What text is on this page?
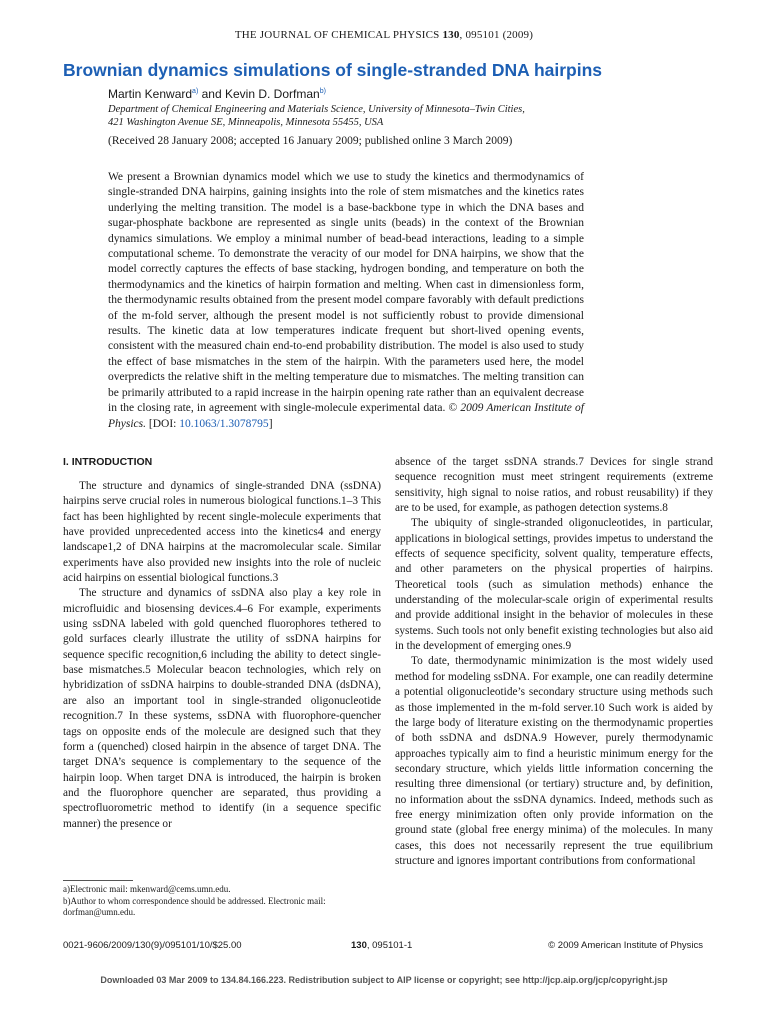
THE JOURNAL OF CHEMICAL PHYSICS 130, 095101 (2009)
Brownian dynamics simulations of single-stranded DNA hairpins
Martin Kenward$^{a)}$ and Kevin D. Dorfman$^{b)}$
Department of Chemical Engineering and Materials Science, University of Minnesota–Twin Cities,
421 Washington Avenue SE, Minneapolis, Minnesota 55455, USA
(Received 28 January 2008; accepted 16 January 2009; published online 3 March 2009)
We present a Brownian dynamics model which we use to study the kinetics and thermodynamics of single-stranded DNA hairpins, gaining insights into the role of stem mismatches and the kinetics rates underlying the melting transition. The model is a base-backbone type in which the DNA bases and sugar-phosphate backbone are represented as single units (beads) in the context of the Brownian dynamics simulations. We employ a minimal number of bead-bead interactions, leading to a simple computational scheme. To demonstrate the veracity of our model for DNA hairpins, we show that the model correctly captures the effects of base stacking, hydrogen bonding, and temperature on both the thermodynamics and the kinetics of hairpin formation and melting. When cast in dimensionless form, the thermodynamic results obtained from the present model compare favorably with default predictions of the m-fold server, although the present model is not sufficiently robust to provide dimensional results. The kinetic data at low temperatures indicate frequent but short-lived opening events, consistent with the measured chain end-to-end probability distribution. The model is also used to study the effect of base mismatches in the stem of the hairpin. With the parameters used here, the model overpredicts the relative shift in the melting temperature due to mismatches. The melting transition can be primarily attributed to a rapid increase in the hairpin opening rate rather than an equivalent decrease in the closing rate, in agreement with single-molecule experimental data. © 2009 American Institute of Physics. [DOI: 10.1063/1.3078795]
I. INTRODUCTION

The structure and dynamics of single-stranded DNA (ssDNA) hairpins serve crucial roles in numerous biological functions.1–3 This fact has been highlighted by recent single-molecule experiments that have provided unprecedented access into the kinetics4 and energy landscape1,2 of DNA hairpins at the macromolecular scale. Similar experiments have also provided new insights into the role of nucleic acid hairpins on essential biological functions.3

The structure and dynamics of ssDNA also play a key role in microfluidic and biosensing devices.4–6 For example, experiments using ssDNA labeled with gold quenched fluorophores tethered to gold surfaces clearly illustrate the utility of ssDNA hairpins for sequence specific recognition,6 including the ability to detect single-base mismatches.5 Molecular beacon technologies, which rely on hybridization of ssDNA hairpins to double-stranded DNA (dsDNA), are also an important tool in single-stranded oligonucleotide recognition.7 In these systems, ssDNA with fluorophore-quencher tags on opposite ends of the molecule are designed such that they form a (quenched) closed hairpin in the absence of target DNA. The target DNA’s sequence is complementary to the sequence of the hairpin loop. When target DNA is introduced, the hairpin is broken and the fluorophore quencher are separated, thus providing a spectrofluorometric method to identify (in a sequence specific manner) the presence or

absence of the target ssDNA strands.7 Devices for single strand sequence recognition must meet stringent requirements (extreme sensitivity, high signal to noise ratios, and robust reusability) if they are to be used, for example, as pathogen detection systems.8

The ubiquity of single-stranded oligonucleotides, in particular, applications in biological settings, provides impetus to understand the effects of sequence specificity, solvent quality, temperature effects, and other parameters on the physical properties of hairpins. Theoretical tools (such as simulation methods) enhance the understanding of the molecular-scale origin of experimental results and provide additional insight in the behavior of molecules in these systems. Such tools not only benefit existing technologies but also aid in the development of emerging ones.9

To date, thermodynamic minimization is the most widely used method for modeling ssDNA. For example, one can readily determine a potential oligonucleotide’s secondary structure using methods such as those implemented in the m-fold server.10 Such work is aided by the large body of literature existing on the thermodynamic properties of both ssDNA and dsDNA.9 However, purely thermodynamic approaches typically aim to find a heuristic minimum energy for the secondary structure, which yields little information concerning the resulting three dimensional (or tertiary) structure and, by definition, no information about the ssDNA dynamics. Indeed, methods such as free energy minimization often only provide information on the ground state (global free energy minima) of the molecules. In many cases, this does not necessarily represent the true equilibrium structure and ignores important contributions from conformational

a)Electronic mail: mkenward@cems.umn.edu.
b)Author to whom correspondence should be addressed. Electronic mail: dorfman@umn.edu.
0021-9606/2009/130(9)/095101/10/$25.00	130, 095101-1	© 2009 American Institute of Physics
Downloaded 03 Mar 2009 to 134.84.166.223. Redistribution subject to AIP license or copyright; see http://jcp.aip.org/jcp/copyright.jsp
